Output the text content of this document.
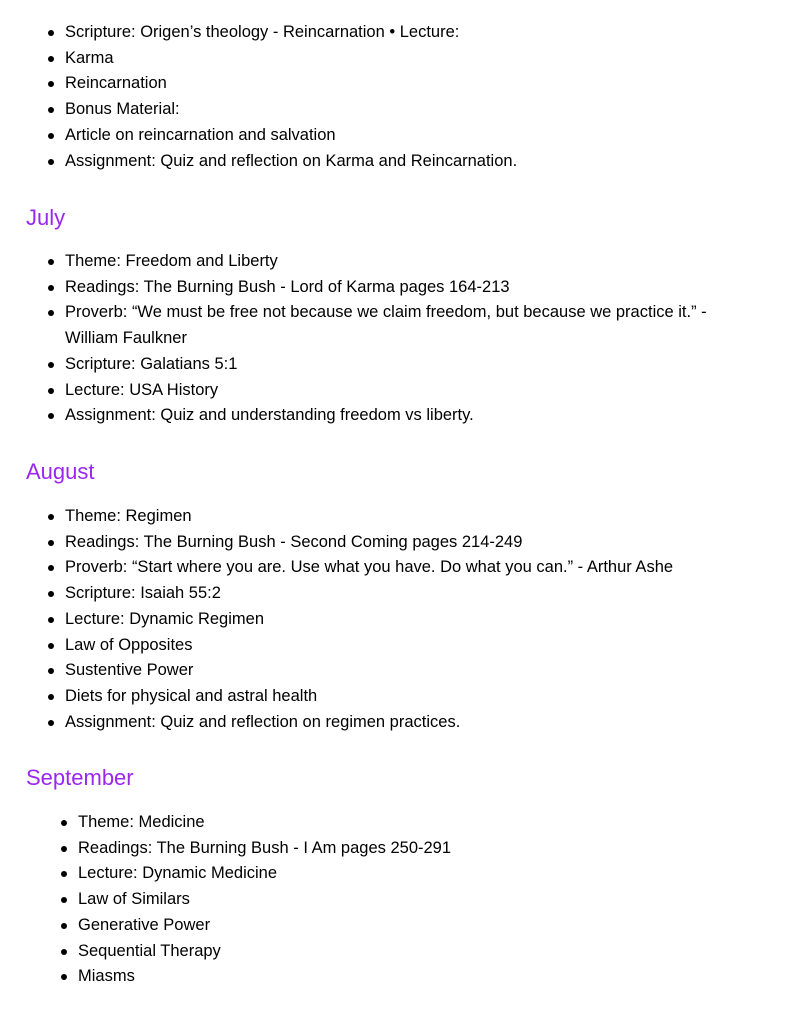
Scripture: Origen’s theology - Reincarnation • Lecture:
Karma
Reincarnation
Bonus Material:
Article on reincarnation and salvation
Assignment: Quiz and reflection on Karma and Reincarnation.
July
Theme: Freedom and Liberty
Readings: The Burning Bush - Lord of Karma pages 164-213
Proverb: “We must be free not because we claim freedom, but because we practice it.” - William Faulkner
Scripture: Galatians 5:1
Lecture: USA History
Assignment: Quiz and understanding freedom vs liberty.
August
Theme: Regimen
Readings: The Burning Bush - Second Coming pages 214-249
Proverb: “Start where you are. Use what you have. Do what you can.” - Arthur Ashe
Scripture: Isaiah 55:2
Lecture: Dynamic Regimen
Law of Opposites
Sustentive Power
Diets for physical and astral health
Assignment: Quiz and reflection on regimen practices.
September
Theme: Medicine
Readings: The Burning Bush - I Am pages 250-291
Lecture: Dynamic Medicine
Law of Similars
Generative Power
Sequential Therapy
Miasms
